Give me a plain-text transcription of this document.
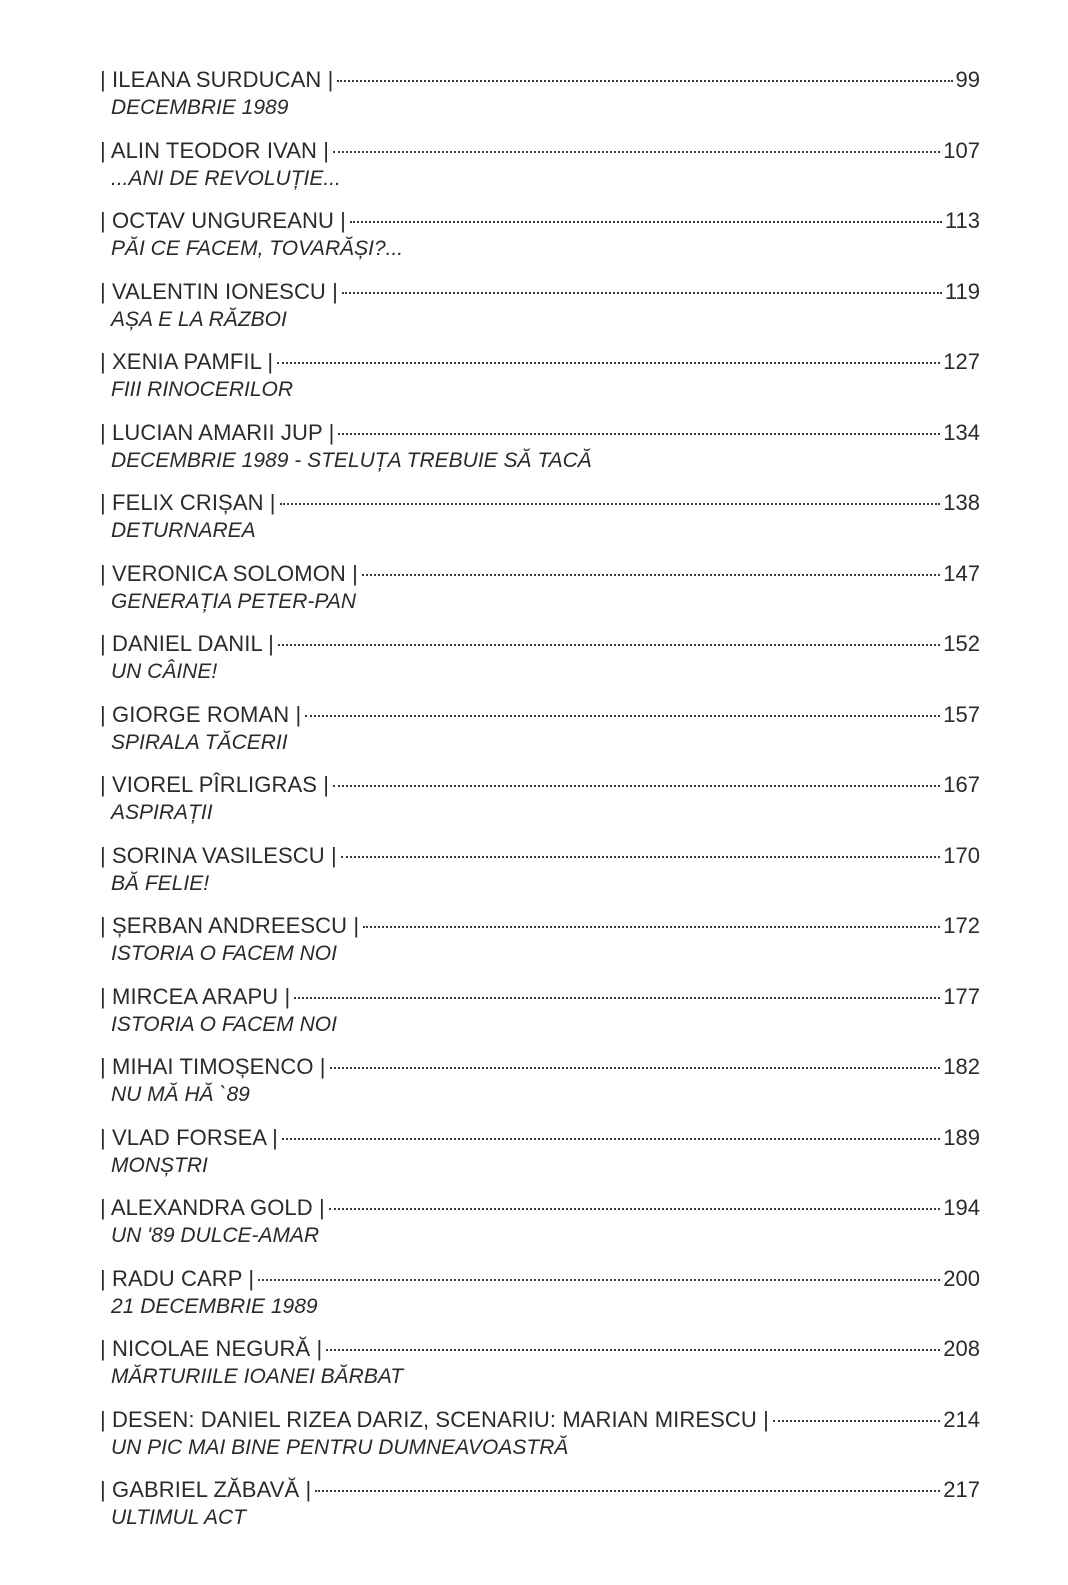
| ILEANA SURDUCAN |	99
DECEMBRIE 1989
| ALIN TEODOR IVAN |	107
...ANI DE REVOLUȚIE...
| OCTAV UNGUREANU |	113
PĂI CE FACEM, TOVARĂȘI?...
| VALENTIN IONESCU |	119
AȘA E LA RĂZBOI
| XENIA PAMFIL |	127
FIII RINOCERILOR
| LUCIAN AMARII JUP |	134
DECEMBRIE 1989 - STELUȚA TREBUIE SĂ TACĂ
| FELIX CRIȘAN |	138
DETURNAREA
| VERONICA SOLOMON |	147
GENERAȚIA PETER-PAN
| DANIEL DANIL |	152
UN CÂINE!
| GIORGE ROMAN |	157
SPIRALA TĂCERII
| VIOREL PÎRLIGRAS |	167
ASPIRAȚII
| SORINA VASILESCU |	170
BĂ FELIE!
| ȘERBAN ANDREESCU |	172
ISTORIA O FACEM NOI
| MIRCEA ARAPU |	177
ISTORIA O FACEM NOI
| MIHAI TIMOȘENCO |	182
NU MĂ HĂ `89
| VLAD FORSEA |	189
MONȘTRI
| ALEXANDRA GOLD |	194
UN '89 DULCE-AMAR
| RADU CARP |	200
21 DECEMBRIE 1989
| NICOLAE NEGURĂ |	208
MĂRTURIILE IOANEI BĂRBAT
| DESEN: DANIEL RIZEA DARIZ, SCENARIU: MARIAN MIRESCU |	214
UN PIC MAI BINE PENTRU DUMNEAVOASTRĂ
| GABRIEL ZĂBAVĂ |	217
ULTIMUL ACT
